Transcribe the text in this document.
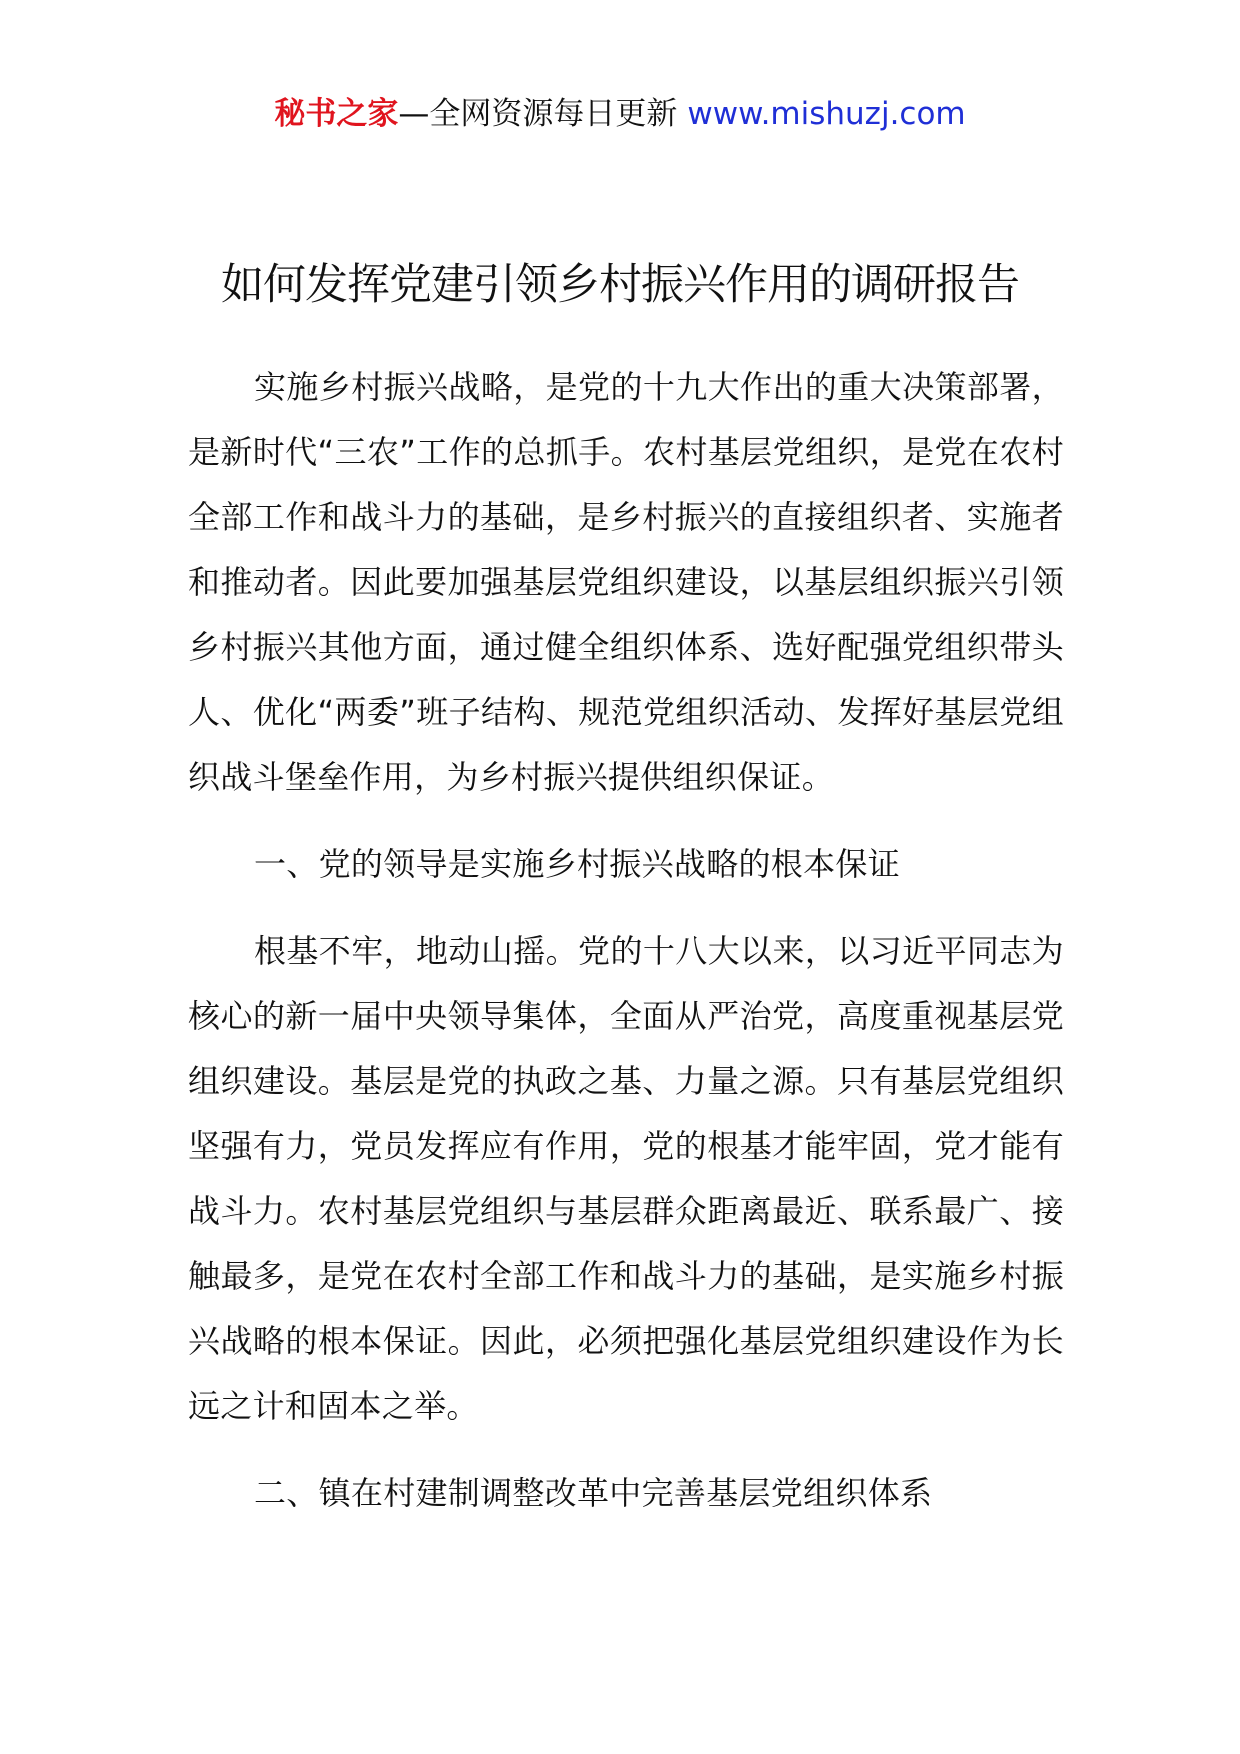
秘书之家—全网资源每日更新 www.mishuzj.com
如何发挥党建引领乡村振兴作用的调研报告

实施乡村振兴战略，是党的十九大作出的重大决策部署，是新时代“三农”工作的总抓手。农村基层党组织，是党在农村全部工作和战斗力的基础，是乡村振兴的直接组织者、实施者和推动者。因此要加强基层党组织建设，以基层组织振兴引领乡村振兴其他方面，通过健全组织体系、选好配强党组织带头人、优化“两委”班子结构、规范党组织活动、发挥好基层党组织战斗堡垒作用，为乡村振兴提供组织保证。

一、党的领导是实施乡村振兴战略的根本保证

根基不牢，地动山摇。党的十八大以来，以习近平同志为核心的新一届中央领导集体，全面从严治党，高度重视基层党组织建设。基层是党的执政之基、力量之源。只有基层党组织坚强有力，党员发挥应有作用，党的根基才能牢固，党才能有战斗力。农村基层党组织与基层群众距离最近、联系最广、接触最多，是党在农村全部工作和战斗力的基础，是实施乡村振兴战略的根本保证。因此，必须把强化基层党组织建设作为长远之计和固本之举。

二、镇在村建制调整改革中完善基层党组织体系
